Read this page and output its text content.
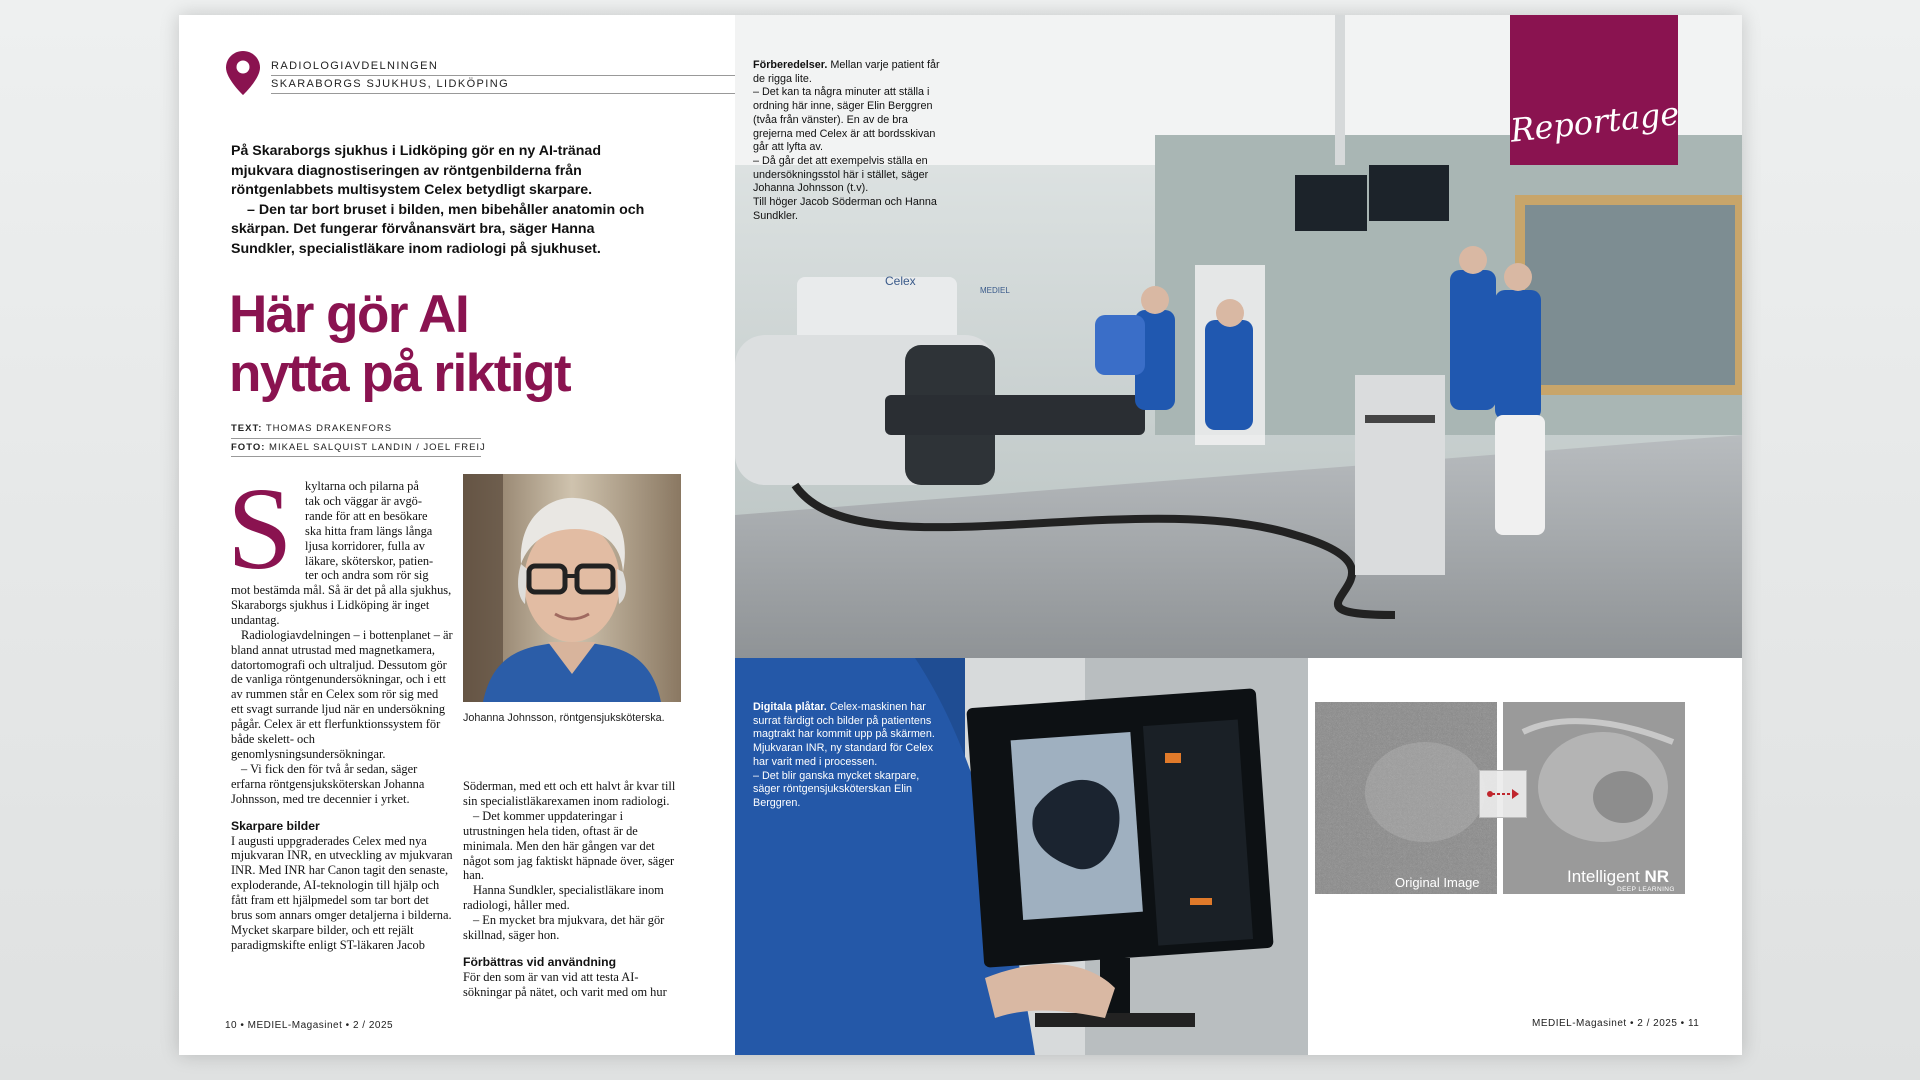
RADIOLOGIAVDELNINGEN
SKARABORGS SJUKHUS, LIDKÖPING

På Skaraborgs sjukhus i Lidköping gör en ny AI-tränad mjukvara diagnostiseringen av röntgenbilderna från röntgenlabbets multisystem Celex betydligt skarpare.

– Den tar bort bruset i bilden, men bibehåller anatomin och skärpan. Det fungerar förvånansvärt bra, säger Hanna Sundkler, specialistläkare inom radiologi på sjukhuset.

Här gör AI
nytta på riktigt
TEXT: THOMAS DRAKENFORS
FOTO: MIKAEL SALQUIST LANDIN / JOEL FREIJ
S kyltarna och pilarna på
tak och väggar är avgö-
rande för att en besökare
ska hitta fram längs långa
ljusa korridorer, fulla av
läkare, sköterskor, patien-
ter och andra som rör sig

mot bestämda mål. Så är det på alla sjukhus, Skaraborgs sjukhus i Lidköping är inget undantag.

Radiologiavdelningen – i bottenplanet – är bland annat utrustad med magnetkamera, datortomografi och ultraljud. Dessutom gör de vanliga röntgenundersökningar, och i ett av rummen står en Celex som rör sig med ett svagt surrande ljud när en undersökning pågår. Celex är ett flerfunktionssystem för både skelett- och genomlysningsundersökningar.

– Vi fick den för två år sedan, säger erfarna röntgensjuksköterskan Johanna Johnsson, med tre decennier i yrket.

Skarpare bilder

I augusti uppgraderades Celex med nya mjukvaran INR, en utveckling av mjukvaran INR. Med INR har Canon tagit den senaste, exploderande, AI-teknologin till hjälp och fått fram ett hjälpmedel som tar bort det brus som annars omger detaljerna i bilderna. Mycket skarpare bilder, och ett rejält paradigmskifte enligt ST-läkaren Jacob

Johanna Johnsson, röntgensjuksköterska.

Söderman, med ett och ett halvt år kvar till sin specialistläkarexamen inom radiologi.

– Det kommer uppdateringar i utrustningen hela tiden, oftast är de minimala. Men den här gången var det något som jag faktiskt häpnade över, säger han.

Hanna Sundkler, specialistläkare inom radiologi, håller med.

– En mycket bra mjukvara, det här gör skillnad, säger hon.

Förbättras vid användning

För den som är van vid att testa AI-sökningar på nätet, och varit med om hur

10 • MEDIEL-Magasinet • 2 / 2025
Celex
MEDIEL
Reportage

Förberedelser. Mellan varje patient får de rigga lite.

– Det kan ta några minuter att ställa i ordning här inne, säger Elin Berggren (tvåa från vänster). En av de bra grejerna med Celex är att bordsskivan går att lyfta av.

– Då går det att exempelvis ställa en undersökningsstol här i stället, säger Johanna Johnsson (t.v).

Till höger Jacob Söderman och Hanna Sundkler.

Digitala plåtar. Celex-maskinen har surrat färdigt och bilder på patientens magtrakt har kommit upp på skärmen. Mjukvaran INR, ny standard för Celex har varit med i processen.

– Det blir ganska mycket skarpare, säger röntgensjuksköterskan Elin Berggren.

Original Image	Intelligent NR
DEEP LEARNING
MEDIEL-Magasinet • 2 / 2025 • 11
